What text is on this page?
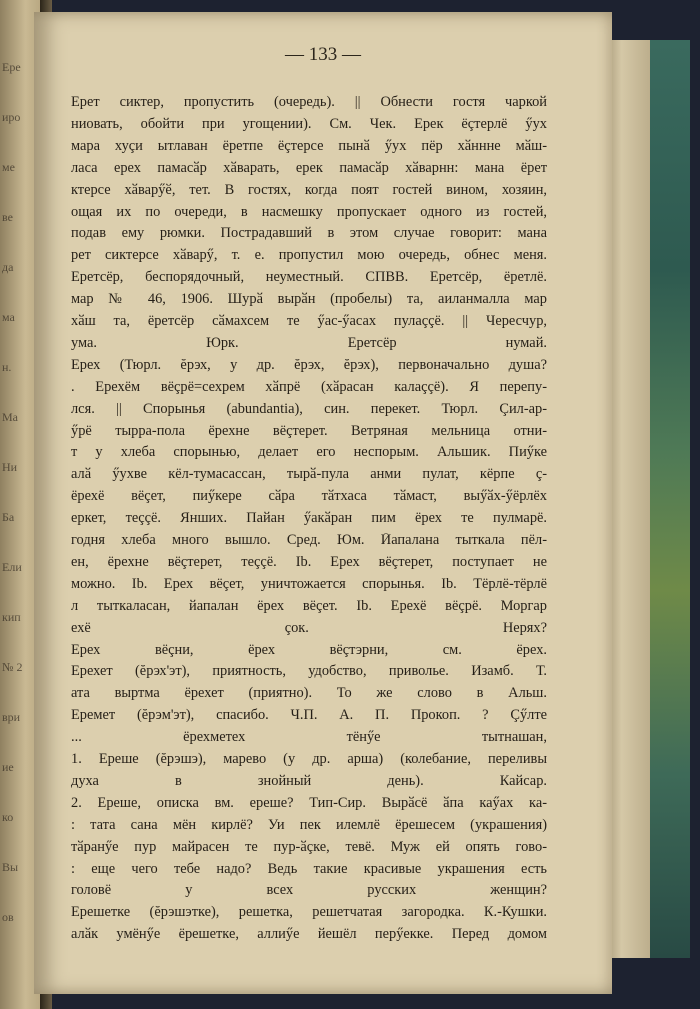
Ере
иро
ме
ве
да
ма
н.
Ма
Ни
Ба
Ели
кип
№ 2
ври
ие
ко
Вы
ов
— 133 —
Ерет сиктер, пропустить (очередь). || Обнести гостя чаркой
ниовать, обойти при угощении). См. Чек. Ерек ёçтерлё ӳух
мара хуçи ытлаван ёретпе ёçтерсе пынӑ ӳух пёр хӑннне мӑш-
ласа ерех памасӑр хӑварать, ерек памасӑр хӑварнн: мана ёрет
ктерсе хӑварӳӗ, тет. В гостях, когда поят гостей вином, хозяин,
ощая их по очереди, в насмешку пропускает одного из гостей,
подав ему рюмки. Пострадавший в этом случае говорит: мана
рет сиктерсе хӑварӳ, т. е. пропустил мою очередь, обнес меня.
Еретсёр, беспорядочный, неуместный. СПВВ. Еретсёр, ёретлё.
мар № 46, 1906. Шурӑ вырӑн (пробелы) та, аиланмалла мар
хӑш та, ёретсёр сӑмахсем те ӳас-ӳасах пулаççё. || Чересчур,
ума. Юрк. Еретсёр нумай.
Ерех (Тюрл. ĕрэх, у др. ĕрэх, ĕрэх), первоначально душа?
. Ерехём вёçрё=сехрем хӑпрё (хӑрасан калаççё). Я перепу-
лся. || Спорынья (abundantia), син. перекет. Тюрл. Çил-ар-
ӳрё тырра-пола ёрехне вёçтерет. Ветряная мельница отни-
т у хлеба спорынью, делает его неспорым. Альшик. Пиӳке
алӑ ӳухве кёл-тумасассан, тырӑ-пула анми пулат, кёрпе ç-
ёрехё вёçет, пиӳкере сӑра тӑтхаса тӑмаст, выӳӑх-ӳёрлёх
еркет, теççё. Янших. Пайан ӳакӑран пим ёрех те пулмарё.
годня хлеба много вышло. Сред. Юм. Йапалана тыткала пёл-
ен, ёрехне вёçтерет, теççё. Ib. Ерех вёçтерет, поступает не
можно. Ib. Ерех вёçет, уничтожается спорынья. Ib. Тёрлё-тёрлё
л тыткаласан, йапалан ёрех вёçет. Ib. Ерехё вёçрё. Моргар
ехё çок. Нерях?
Ерех вёçни, ёрех вёçтэрни, см. ёрех.
Ерехет (ĕрэх'эт), приятность, удобство, приволье. Изамб. Т.
ата выртма ёрехет (приятно). То же слово в Альш.
Еремет (ĕрэм'эт), спасибо. Ч.П. А. П. Прокоп. ? Çӳлте
... ёрехметех тёнӳе тытнашан,
1. Ереше (ĕрэшэ), марево (у др. арша) (колебание, переливы
духа в знойный день). Кайсар.
2. Ереше, описка вм. ереше? Тип-Сир. Вырӑсё ӑпа каӳах ка-
: тата сана мён кирлё? Уи пек илемлё ёрешесем (украшения)
тӑранӳе пур майрасен те пур-ӑçке, тевё. Муж ей опять гово-
: еще чего тебе надо? Ведь такие красивые украшения есть
головё у всех русских женщин?
Ерешетке (ĕрэшэтке), решетка, решетчатая загородка. К.-Кушки.
алӑк умёнӳе ёрешетке, аллиӳе йешёл перӳекке. Перед домом
